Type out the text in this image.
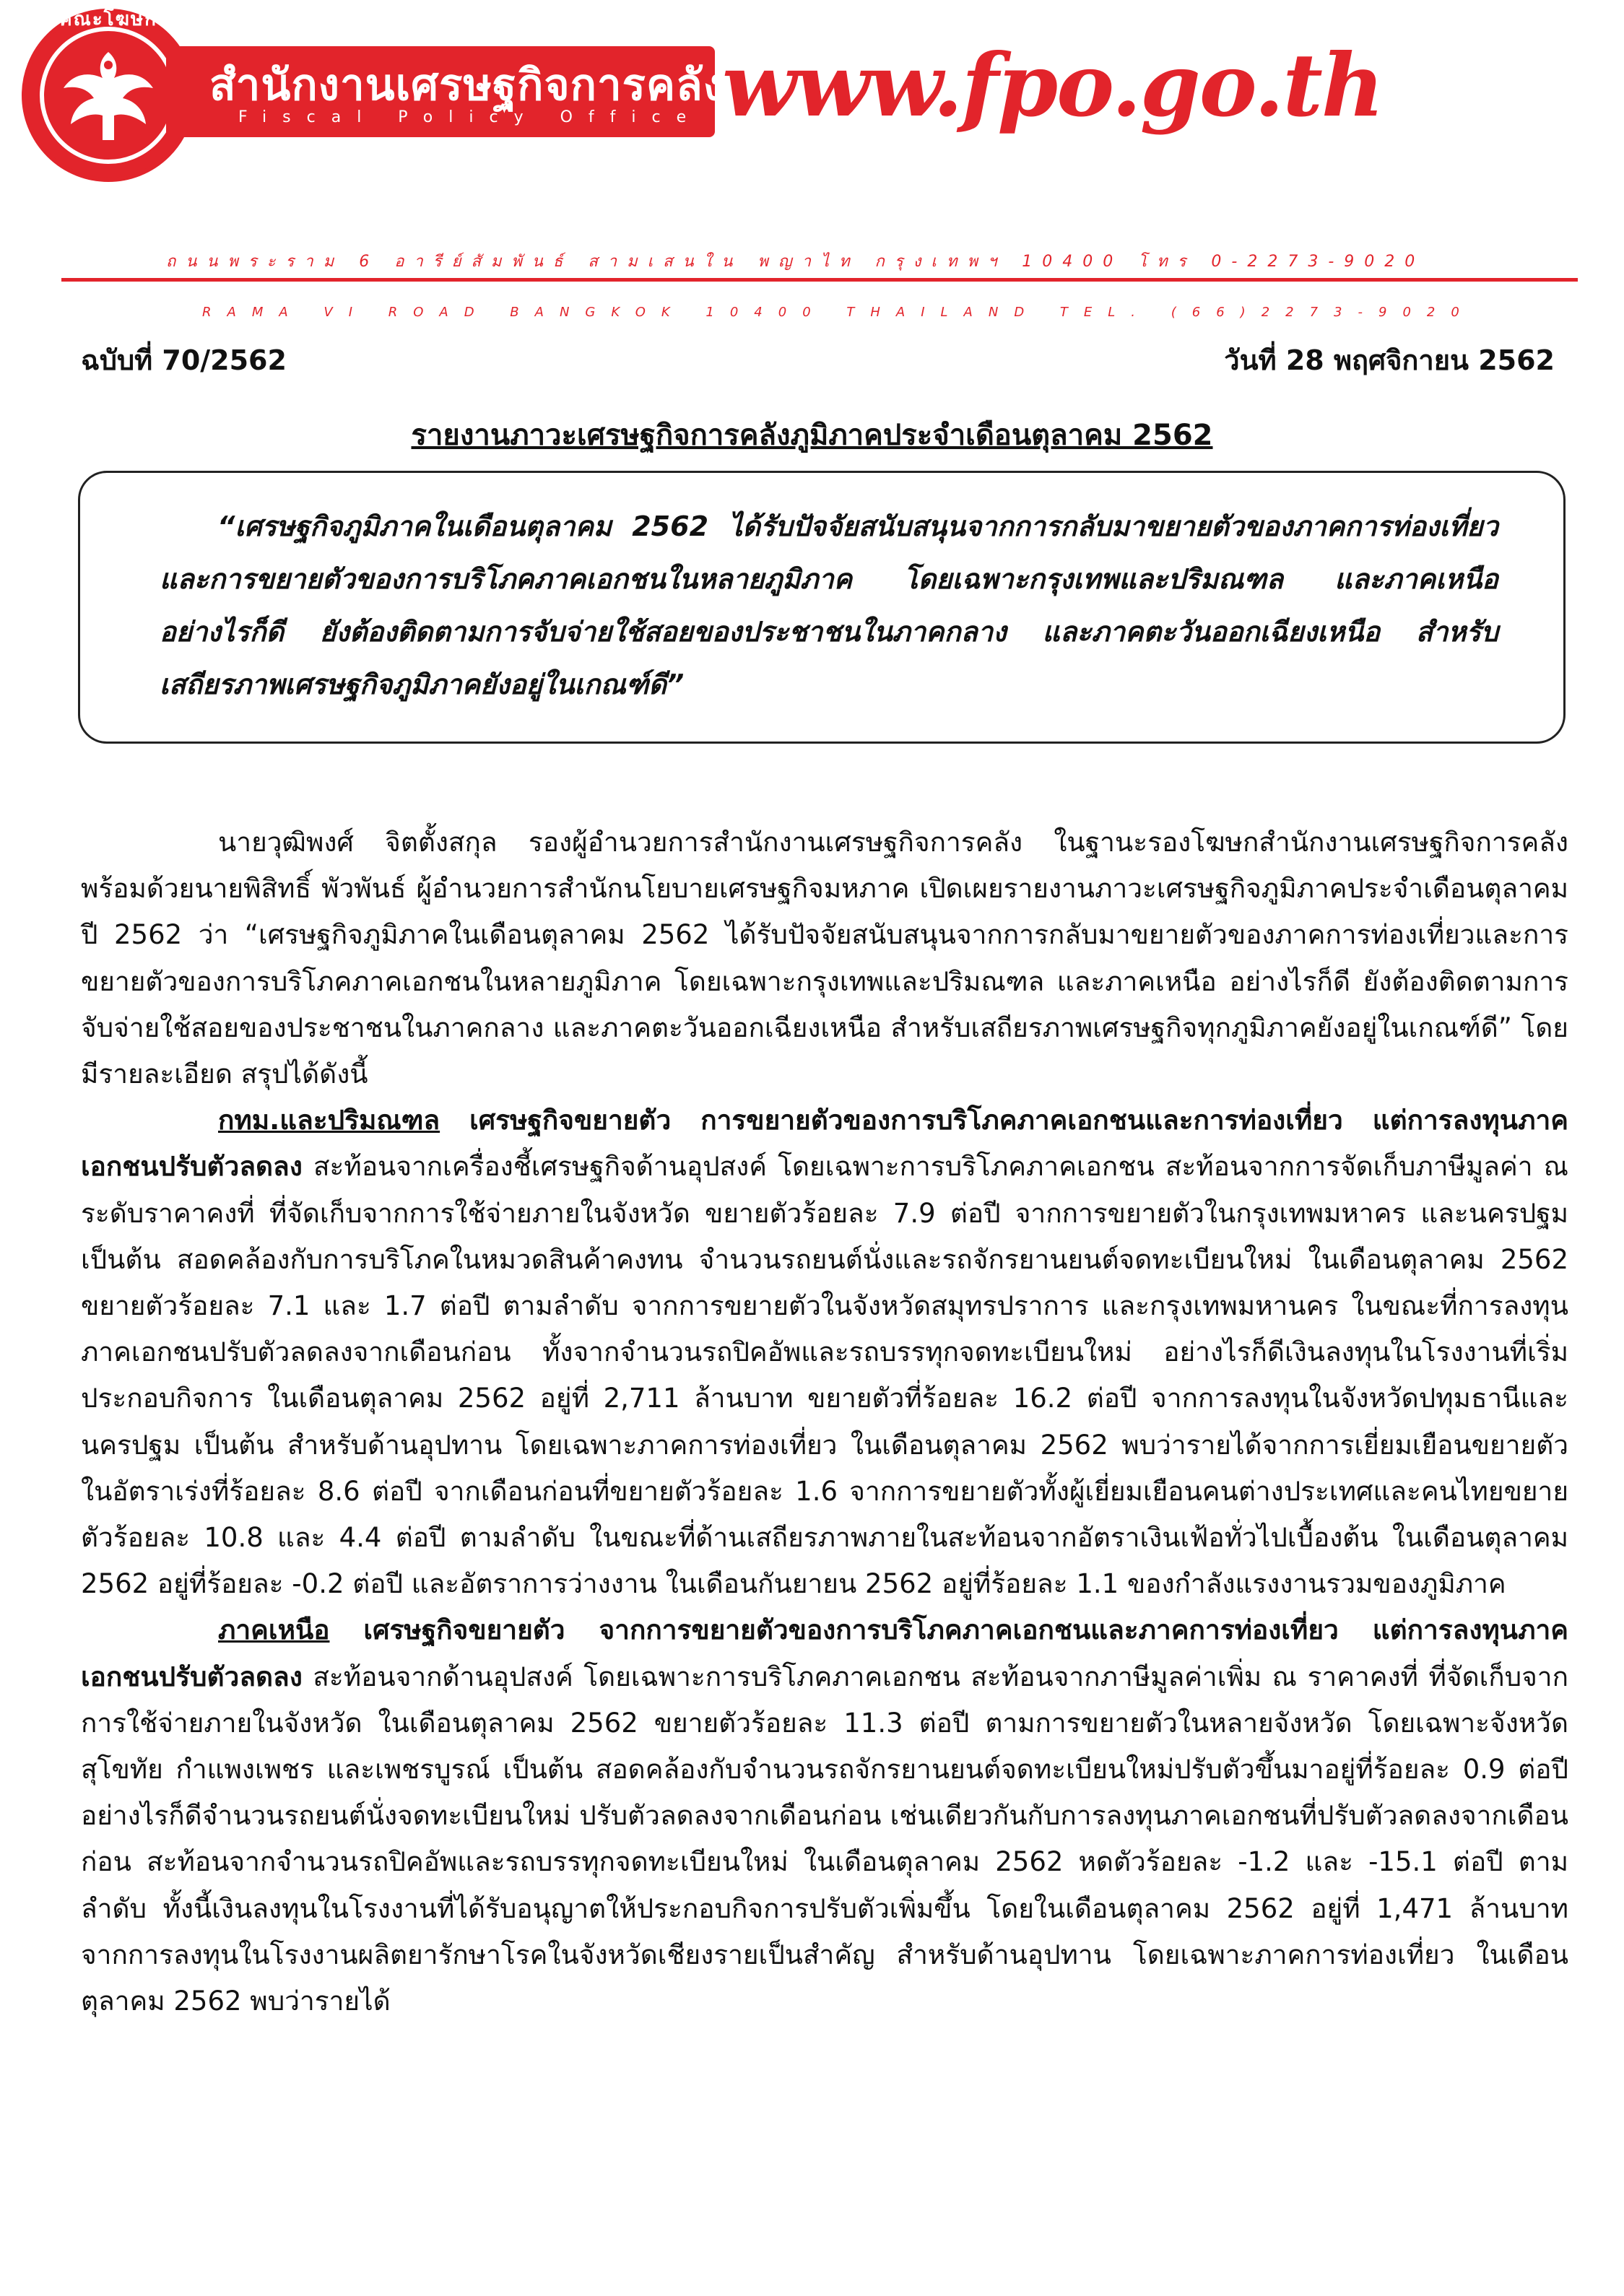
คณะโฆษก
สำนักงานเศรษฐกิจการคลัง
Fiscal Policy Office www.fpo.go.th
ถนนพระราม 6 อารีย์สัมพันธ์ สามเสนใน พญาไท กรุงเทพฯ 10400 โทร 0-2273-9020
RAMA VI ROAD BANGKOK 10400 THAILAND TEL. (66)2273-9020
ฉบับที่ 70/2562	วันที่ 28 พฤศจิกายน 2562
รายงานภาวะเศรษฐกิจการคลังภูมิภาคประจำเดือนตุลาคม 2562
“เศรษฐกิจภูมิภาคในเดือนตุลาคม 2562 ได้รับปัจจัยสนับสนุนจากการกลับมาขยายตัวของภาคการท่องเที่ยวและการขยายตัวของการบริโภคภาคเอกชนในหลายภูมิภาค โดยเฉพาะกรุงเทพและปริมณฑล และภาคเหนือ อย่างไรก็ดี ยังต้องติดตามการจับจ่ายใช้สอยของประชาชนในภาคกลาง และภาคตะวันออกเฉียงเหนือ สำหรับเสถียรภาพเศรษฐกิจภูมิภาคยังอยู่ในเกณฑ์ดี”

นายวุฒิพงศ์ จิตตั้งสกุล รองผู้อำนวยการสำนักงานเศรษฐกิจการคลัง ในฐานะรองโฆษกสำนักงานเศรษฐกิจการคลัง พร้อมด้วยนายพิสิทธิ์ พัวพันธ์ ผู้อำนวยการสำนักนโยบายเศรษฐกิจมหภาค เปิดเผยรายงานภาวะเศรษฐกิจภูมิภาคประจำเดือนตุลาคม ปี 2562 ว่า “เศรษฐกิจภูมิภาคในเดือนตุลาคม 2562 ได้รับปัจจัยสนับสนุนจากการกลับมาขยายตัวของภาคการท่องเที่ยวและการขยายตัวของการบริโภคภาคเอกชนในหลายภูมิภาค โดยเฉพาะกรุงเทพและปริมณฑล และภาคเหนือ อย่างไรก็ดี ยังต้องติดตามการจับจ่ายใช้สอยของประชาชนในภาคกลาง และภาคตะวันออกเฉียงเหนือ สำหรับเสถียรภาพเศรษฐกิจทุกภูมิภาคยังอยู่ในเกณฑ์ดี” โดยมีรายละเอียด สรุปได้ดังนี้

กทม.และปริมณฑล เศรษฐกิจขยายตัว การขยายตัวของการบริโภคภาคเอกชนและการท่องเที่ยว แต่การลงทุนภาคเอกชนปรับตัวลดลง สะท้อนจากเครื่องชี้เศรษฐกิจด้านอุปสงค์ โดยเฉพาะการบริโภคภาคเอกชน สะท้อนจากการจัดเก็บภาษีมูลค่า ณ ระดับราคาคงที่ ที่จัดเก็บจากการใช้จ่ายภายในจังหวัด ขยายตัวร้อยละ 7.9 ต่อปี จากการขยายตัวในกรุงเทพมหาคร และนครปฐม เป็นต้น สอดคล้องกับการบริโภคในหมวดสินค้าคงทน จำนวนรถยนต์นั่งและรถจักรยานยนต์จดทะเบียนใหม่ ในเดือนตุลาคม 2562 ขยายตัวร้อยละ 7.1 และ 1.7 ต่อปี ตามลำดับ จากการขยายตัวในจังหวัดสมุทรปราการ และกรุงเทพมหานคร ในขณะที่การลงทุนภาคเอกชนปรับตัวลดลงจากเดือนก่อน ทั้งจากจำนวนรถปิคอัพและรถบรรทุกจดทะเบียนใหม่ อย่างไรก็ดีเงินลงทุนในโรงงานที่เริ่มประกอบกิจการ ในเดือนตุลาคม 2562 อยู่ที่ 2,711 ล้านบาท ขยายตัวที่ร้อยละ 16.2 ต่อปี จากการลงทุนในจังหวัดปทุมธานีและนครปฐม เป็นต้น สำหรับด้านอุปทาน โดยเฉพาะภาคการท่องเที่ยว ในเดือนตุลาคม 2562 พบว่ารายได้จากการเยี่ยมเยือนขยายตัวในอัตราเร่งที่ร้อยละ 8.6 ต่อปี จากเดือนก่อนที่ขยายตัวร้อยละ 1.6 จากการขยายตัวทั้งผู้เยี่ยมเยือนคนต่างประเทศและคนไทยขยายตัวร้อยละ 10.8 และ 4.4 ต่อปี ตามลำดับ ในขณะที่ด้านเสถียรภาพภายในสะท้อนจากอัตราเงินเฟ้อทั่วไปเบื้องต้น ในเดือนตุลาคม 2562 อยู่ที่ร้อยละ -0.2 ต่อปี และอัตราการว่างงาน ในเดือนกันยายน 2562 อยู่ที่ร้อยละ 1.1 ของกำลังแรงงานรวมของภูมิภาค

ภาคเหนือ เศรษฐกิจขยายตัว จากการขยายตัวของการบริโภคภาคเอกชนและภาคการท่องเที่ยว แต่การลงทุนภาคเอกชนปรับตัวลดลง สะท้อนจากด้านอุปสงค์ โดยเฉพาะการบริโภคภาคเอกชน สะท้อนจากภาษีมูลค่าเพิ่ม ณ ราคาคงที่ ที่จัดเก็บจากการใช้จ่ายภายในจังหวัด ในเดือนตุลาคม 2562 ขยายตัวร้อยละ 11.3 ต่อปี ตามการขยายตัวในหลายจังหวัด โดยเฉพาะจังหวัดสุโขทัย กำแพงเพชร และเพชรบูรณ์ เป็นต้น สอดคล้องกับจำนวนรถจักรยานยนต์จดทะเบียนใหม่ปรับตัวขึ้นมาอยู่ที่ร้อยละ 0.9 ต่อปี อย่างไรก็ดีจำนวนรถยนต์นั่งจดทะเบียนใหม่ ปรับตัวลดลงจากเดือนก่อน เช่นเดียวกันกับการลงทุนภาคเอกชนที่ปรับตัวลดลงจากเดือนก่อน สะท้อนจากจำนวนรถปิคอัพและรถบรรทุกจดทะเบียนใหม่ ในเดือนตุลาคม 2562 หดตัวร้อยละ -1.2 และ -15.1 ต่อปี ตามลำดับ ทั้งนี้เงินลงทุนในโรงงานที่ได้รับอนุญาตให้ประกอบกิจการปรับตัวเพิ่มขึ้น โดยในเดือนตุลาคม 2562 อยู่ที่ 1,471 ล้านบาท จากการลงทุนในโรงงานผลิตยารักษาโรคในจังหวัดเชียงรายเป็นสำคัญ สำหรับด้านอุปทาน โดยเฉพาะภาคการท่องเที่ยว ในเดือนตุลาคม 2562 พบว่ารายได้
